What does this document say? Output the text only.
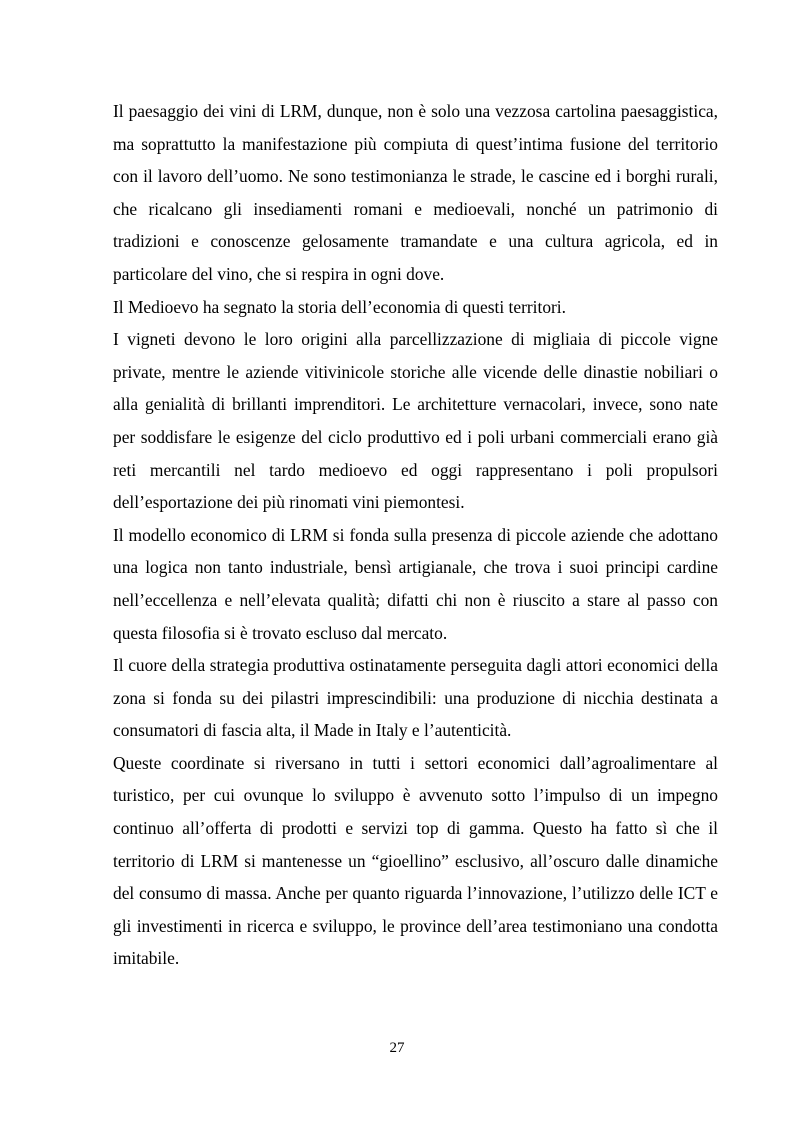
Il paesaggio dei vini di LRM, dunque, non è solo una vezzosa cartolina paesaggistica, ma soprattutto la manifestazione più compiuta di quest’intima fusione del territorio con il lavoro dell’uomo. Ne sono testimonianza le strade, le cascine ed i borghi rurali, che ricalcano gli insediamenti romani e medioevali, nonché un patrimonio di tradizioni e conoscenze gelosamente tramandate e una cultura agricola, ed in particolare del vino, che si respira in ogni dove.

Il Medioevo ha segnato la storia dell’economia di questi territori.

I vigneti devono le loro origini alla parcellizzazione di migliaia di piccole vigne private, mentre le aziende vitivinicole storiche alle vicende delle dinastie nobiliari o alla genialità di brillanti imprenditori. Le architetture vernacolari, invece, sono nate per soddisfare le esigenze del ciclo produttivo ed i poli urbani commerciali erano già reti mercantili nel tardo medioevo ed oggi rappresentano i poli propulsori dell’esportazione dei più rinomati vini piemontesi.

Il modello economico di LRM si fonda sulla presenza di piccole aziende che adottano una logica non tanto industriale, bensì artigianale, che trova i suoi principi cardine nell’eccellenza e nell’elevata qualità; difatti chi non è riuscito a stare al passo con questa filosofia si è trovato escluso dal mercato.

Il cuore della strategia produttiva ostinatamente perseguita dagli attori economici della zona si fonda su dei pilastri imprescindibili: una produzione di nicchia destinata a consumatori di fascia alta, il Made in Italy e l’autenticità.

Queste coordinate si riversano in tutti i settori economici dall’agroalimentare al turistico, per cui ovunque lo sviluppo è avvenuto sotto l’impulso di un impegno continuo all’offerta di prodotti e servizi top di gamma. Questo ha fatto sì che il territorio di LRM si mantenesse un “gioellino” esclusivo, all’oscuro dalle dinamiche del consumo di massa. Anche per quanto riguarda l’innovazione, l’utilizzo delle ICT e gli investimenti in ricerca e sviluppo, le province dell’area testimoniano una condotta imitabile.

27
